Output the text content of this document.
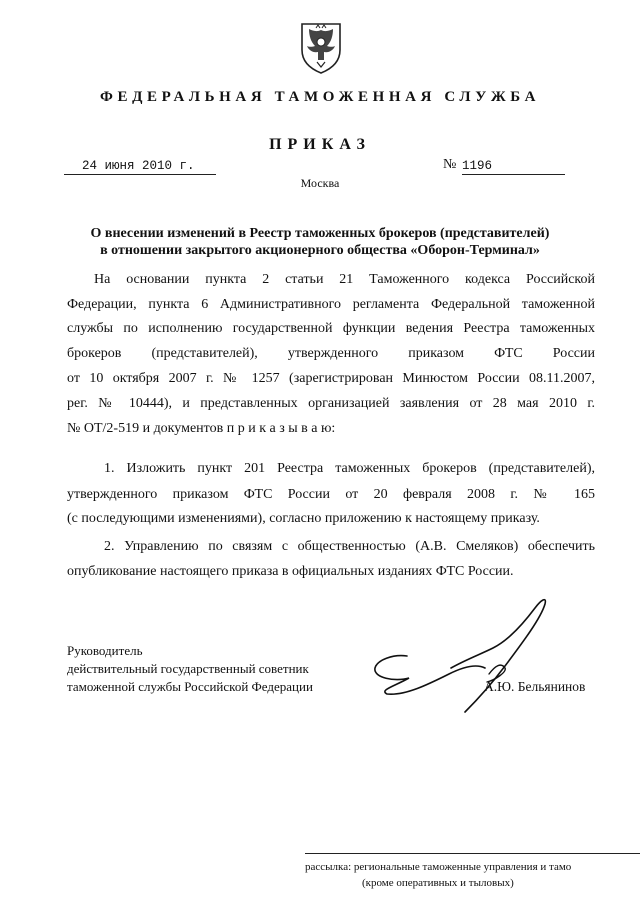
ФЕДЕРАЛЬНАЯ ТАМОЖЕННАЯ СЛУЖБА
ПРИКАЗ
24 июня 2010 г.	№ 1196
Москва
О внесении изменений в Реестр таможенных брокеров (представителей)
в отношении закрытого акционерного общества «Оборон-Терминал»
На основании пункта 2 статьи 21 Таможенного кодекса Российской
Федерации, пункта 6 Административного регламента Федеральной таможенной
службы по исполнению государственной функции ведения Реестра таможенных
брокеров (представителей), утвержденного приказом ФТС России
от 10 октября 2007 г. № 1257 (зарегистрирован Минюстом России 08.11.2007,
рег. № 10444), и представленных организацией заявления от 28 мая 2010 г.
№ ОТ/2-519 и документов п р и к а з ы в а ю:
1. Изложить пункт 201 Реестра таможенных брокеров (представителей),
утвержденного приказом ФТС России от 20 февраля 2008 г. № 165
(с последующими изменениями), согласно приложению к настоящему приказу.
2. Управлению по связям с общественностью (А.В. Смеляков) обеспечить
опубликование настоящего приказа в официальных изданиях ФТС России.
Руководитель
действительный государственный советник
таможенной службы Российской Федерации	А.Ю. Бельянинов
рассылка: региональные таможенные управления и тамо
(кроме оперативных и тыловых)
